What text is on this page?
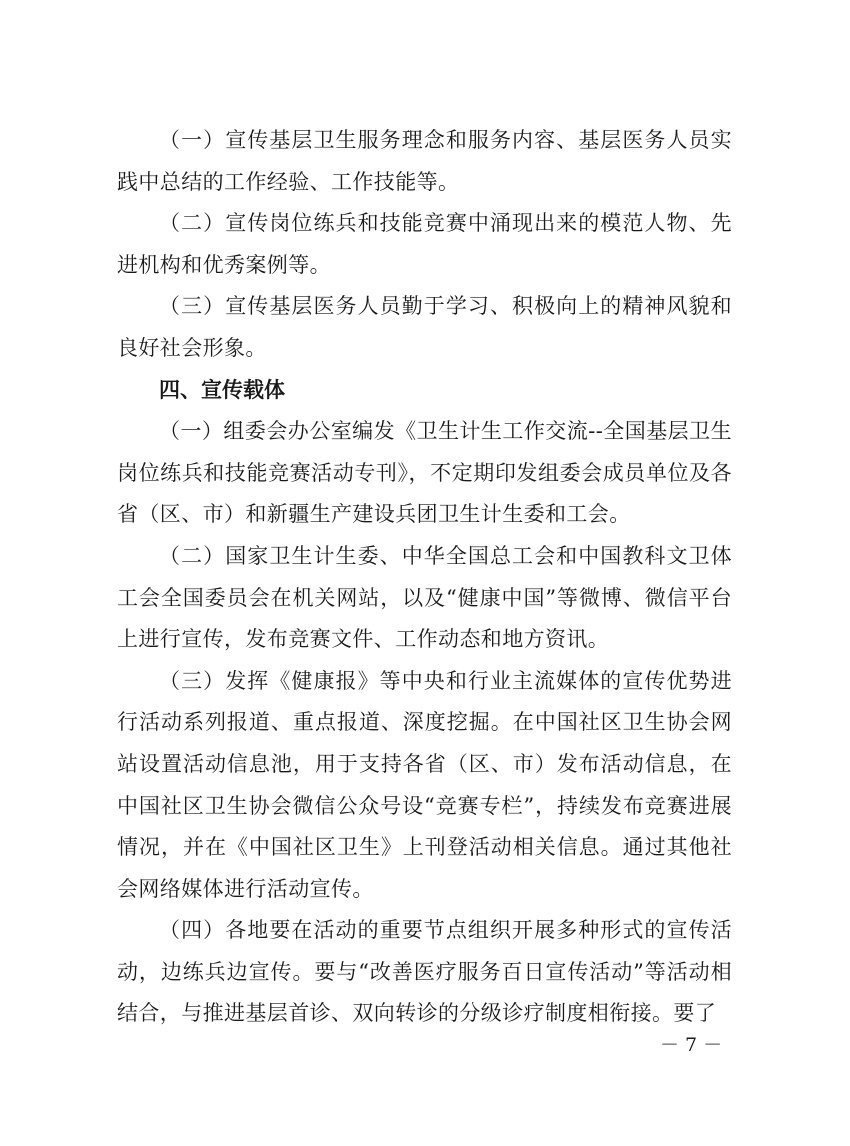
（一）宣传基层卫生服务理念和服务内容、基层医务人员实践中总结的工作经验、工作技能等。

（二）宣传岗位练兵和技能竞赛中涌现出来的模范人物、先进机构和优秀案例等。

（三）宣传基层医务人员勤于学习、积极向上的精神风貌和良好社会形象。

四、宣传载体

（一）组委会办公室编发《卫生计生工作交流--全国基层卫生岗位练兵和技能竞赛活动专刊》，不定期印发组委会成员单位及各省（区、市）和新疆生产建设兵团卫生计生委和工会。

（二）国家卫生计生委、中华全国总工会和中国教科文卫体工会全国委员会在机关网站，以及“健康中国”等微博、微信平台上进行宣传，发布竞赛文件、工作动态和地方资讯。

（三）发挥《健康报》等中央和行业主流媒体的宣传优势进行活动系列报道、重点报道、深度挖掘。在中国社区卫生协会网站设置活动信息池，用于支持各省（区、市）发布活动信息，在中国社区卫生协会微信公众号设“竞赛专栏”，持续发布竞赛进展情况，并在《中国社区卫生》上刊登活动相关信息。通过其他社会网络媒体进行活动宣传。

（四）各地要在活动的重要节点组织开展多种形式的宣传活动，边练兵边宣传。要与“改善医疗服务百日宣传活动”等活动相结合，与推进基层首诊、双向转诊的分级诊疗制度相衔接。要了

－ 7 －
